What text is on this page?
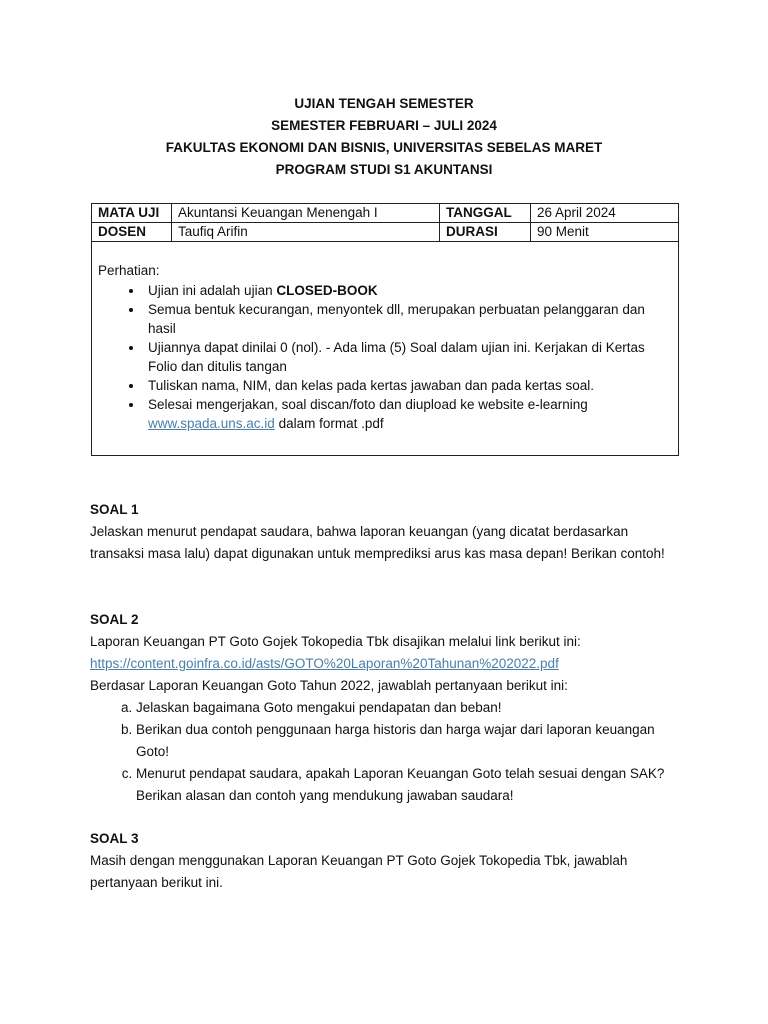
UJIAN TENGAH SEMESTER
SEMESTER FEBRUARI – JULI 2024
FAKULTAS EKONOMI DAN BISNIS, UNIVERSITAS SEBELAS MARET
PROGRAM STUDI S1 AKUNTANSI
MATA UJI	Akuntansi Keuangan Menengah I	TANGGAL	26 April 2024
DOSEN	Taufiq Arifin	DURASI	90 Menit
Perhatian:
• Ujian ini adalah ujian CLOSED-BOOK
• Semua bentuk kecurangan, menyontek dll, merupakan perbuatan pelanggaran dan hasil
• Ujiannya dapat dinilai 0 (nol). - Ada lima (5) Soal dalam ujian ini. Kerjakan di Kertas Folio dan ditulis tangan
• Tuliskan nama, NIM, dan kelas pada kertas jawaban dan pada kertas soal.
• Selesai mengerjakan, soal discan/foto dan diupload ke website e-learning www.spada.uns.ac.id dalam format .pdf

SOAL 1

Jelaskan menurut pendapat saudara, bahwa laporan keuangan (yang dicatat berdasarkan transaksi masa lalu) dapat digunakan untuk memprediksi arus kas masa depan! Berikan contoh!

SOAL 2

Laporan Keuangan PT Goto Gojek Tokopedia Tbk disajikan melalui link berikut ini:

https://content.goinfra.co.id/asts/GOTO%20Laporan%20Tahunan%202022.pdf

Berdasar Laporan Keuangan Goto Tahun 2022, jawablah pertanyaan berikut ini:

a. Jelaskan bagaimana Goto mengakui pendapatan dan beban!
b. Berikan dua contoh penggunaan harga historis dan harga wajar dari laporan keuangan Goto!
c. Menurut pendapat saudara, apakah Laporan Keuangan Goto telah sesuai dengan SAK? Berikan alasan dan contoh yang mendukung jawaban saudara!

SOAL 3

Masih dengan menggunakan Laporan Keuangan PT Goto Gojek Tokopedia Tbk, jawablah pertanyaan berikut ini.
